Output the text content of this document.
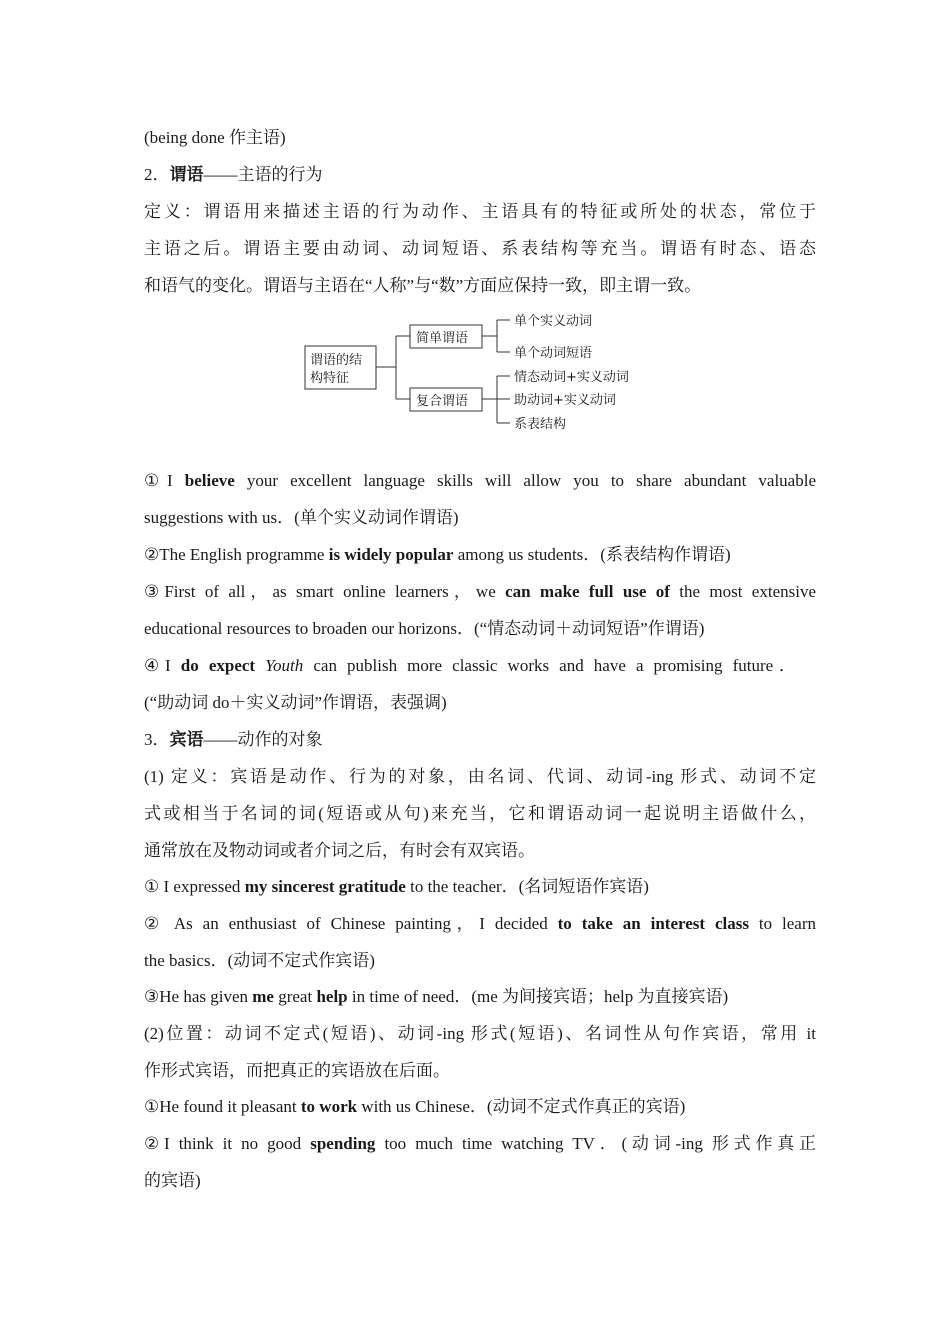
(being done 作主语)
2．谓语——主语的行为
定义：谓语用来描述主语的行为动作、主语具有的特征或所处的状态，常位于
主语之后。谓语主要由动词、动词短语、系表结构等充当。谓语有时态、语态
和语气的变化。谓语与主语在“人称”与“数”方面应保持一致，即主谓一致。
谓语的结
构特征
简单谓语
复合谓语
单个实义动词
单个动词短语
情态动词+实义动词
助动词+实义动词
系表结构
①I believe your excellent language skills will allow you to share abundant valuable
suggestions with us．(单个实义动词作谓语)
②The English programme is widely popular among us students．(系表结构作谓语)
③First of all，as smart online learners，we can make full use of the most extensive
educational resources to broaden our horizons．(“情态动词＋动词短语”作谓语)
④I do expect Youth can publish more classic works and have a promising future．
(“助动词 do＋实义动词”作谓语，表强调)
3．宾语——动作的对象
(1) 定义：宾语是动作、行为的对象，由名词、代词、动词-ing 形式、动词不定
式或相当于名词的词(短语或从句)来充当，它和谓语动词一起说明主语做什么，
通常放在及物动词或者介词之后，有时会有双宾语。
① I expressed my sincerest gratitude to the teacher．(名词短语作宾语)
② As an enthusiast of Chinese painting，I decided to take an interest class to learn
the basics．(动词不定式作宾语)
③He has given me great help in time of need．(me 为间接宾语；help 为直接宾语)
(2)位置：动词不定式(短语)、动词-ing 形式(短语)、名词性从句作宾语，常用 it
作形式宾语，而把真正的宾语放在后面。
①He found it pleasant to work with us Chinese．(动词不定式作真正的宾语)
②I think it no good spending too much time watching TV．(动词-ing 形式作真正
的宾语)
